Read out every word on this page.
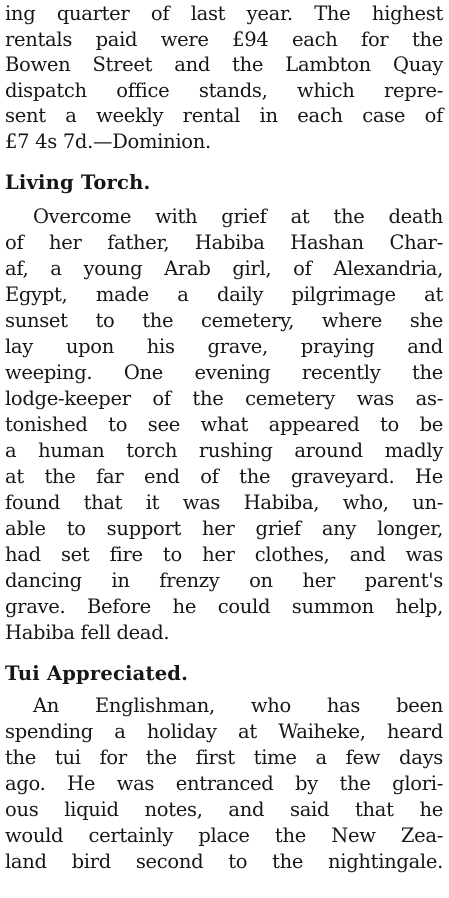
ing quarter of last year. The highest
rentals paid were £94 each for the
Bowen Street and the Lambton Quay
dispatch office stands, which repre-
sent a weekly rental in each case of
£7 4s 7d.—Dominion.
Living Torch.
Overcome with grief at the death
of her father, Habiba Hashan Char-
af, a young Arab girl, of Alexandria,
Egypt, made a daily pilgrimage at
sunset to the cemetery, where she
lay upon his grave, praying and
weeping. One evening recently the
lodge-keeper of the cemetery was as-
tonished to see what appeared to be
a human torch rushing around madly
at the far end of the graveyard. He
found that it was Habiba, who, un-
able to support her grief any longer,
had set fire to her clothes, and was
dancing in frenzy on her parent's
grave. Before he could summon help,
Habiba fell dead.
Tui Appreciated.
An Englishman, who has been
spending a holiday at Waiheke, heard
the tui for the first time a few days
ago. He was entranced by the glori-
ous liquid notes, and said that he
would certainly place the New Zea-
land bird second to the nightingale.
